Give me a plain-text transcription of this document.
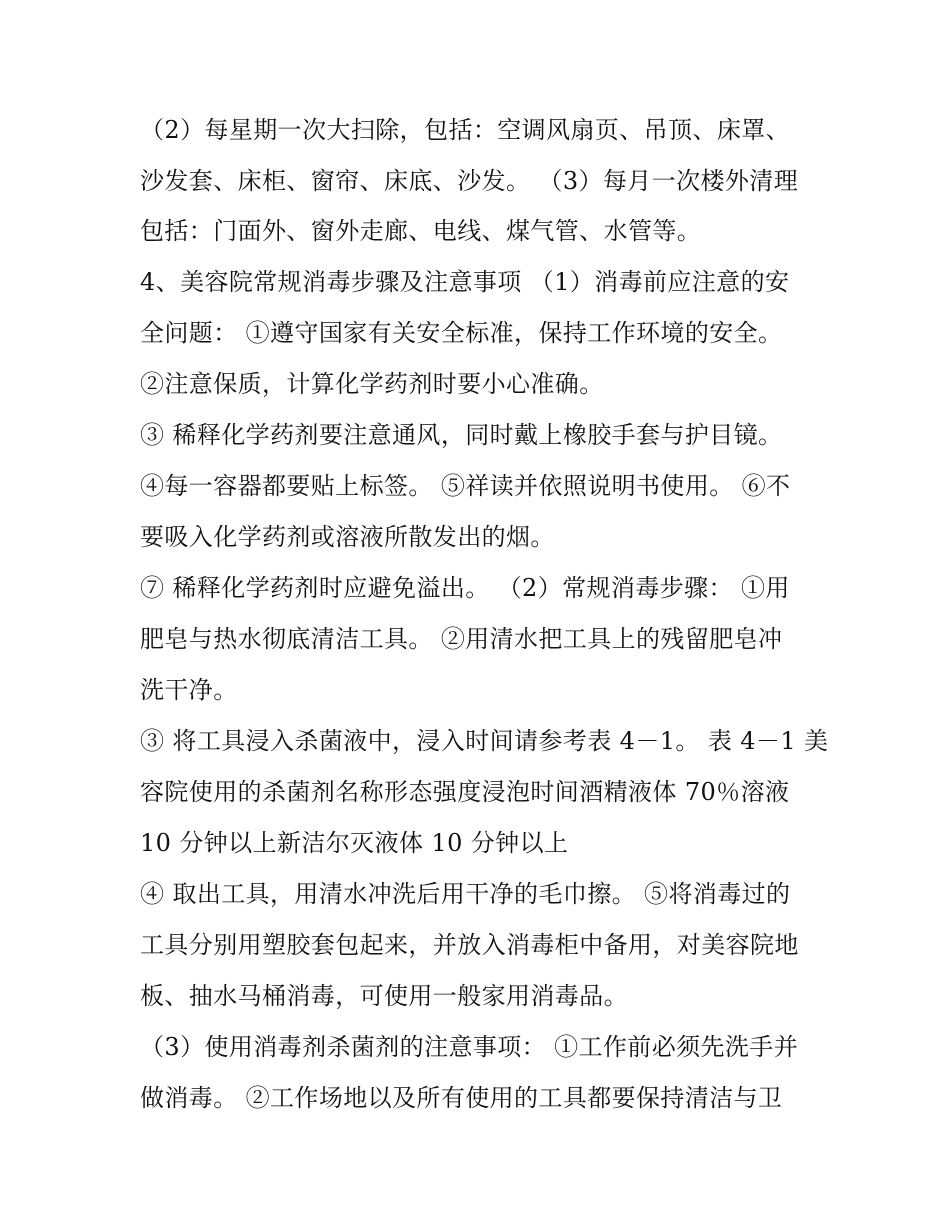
（2）每星期一次大扫除，包括：空调风扇页、吊顶、床罩、
沙发套、床柜、窗帘、床底、沙发。 （3）每月一次楼外清理
包括：门面外、窗外走廊、电线、煤气管、水管等。
4、美容院常规消毒步骤及注意事项 （1）消毒前应注意的安
全问题： ①遵守国家有关安全标准，保持工作环境的安全。
②注意保质，计算化学药剂时要小心准确。
③ 稀释化学药剂要注意通风，同时戴上橡胶手套与护目镜。
④每一容器都要贴上标签。 ⑤祥读并依照说明书使用。 ⑥不
要吸入化学药剂或溶液所散发出的烟。
⑦ 稀释化学药剂时应避免溢出。 （2）常规消毒步骤： ①用
肥皂与热水彻底清洁工具。 ②用清水把工具上的残留肥皂冲
洗干净。
③ 将工具浸入杀菌液中，浸入时间请参考表 4－1。 表 4－1 美
容院使用的杀菌剂名称形态强度浸泡时间酒精液体 70％溶液
10 分钟以上新洁尔灭液体 10 分钟以上
④ 取出工具，用清水冲洗后用干净的毛巾擦。 ⑤将消毒过的
工具分别用塑胶套包起来，并放入消毒柜中备用，对美容院地
板、抽水马桶消毒，可使用一般家用消毒品。
（3）使用消毒剂杀菌剂的注意事项： ①工作前必须先洗手并
做消毒。 ②工作场地以及所有使用的工具都要保持清洁与卫
